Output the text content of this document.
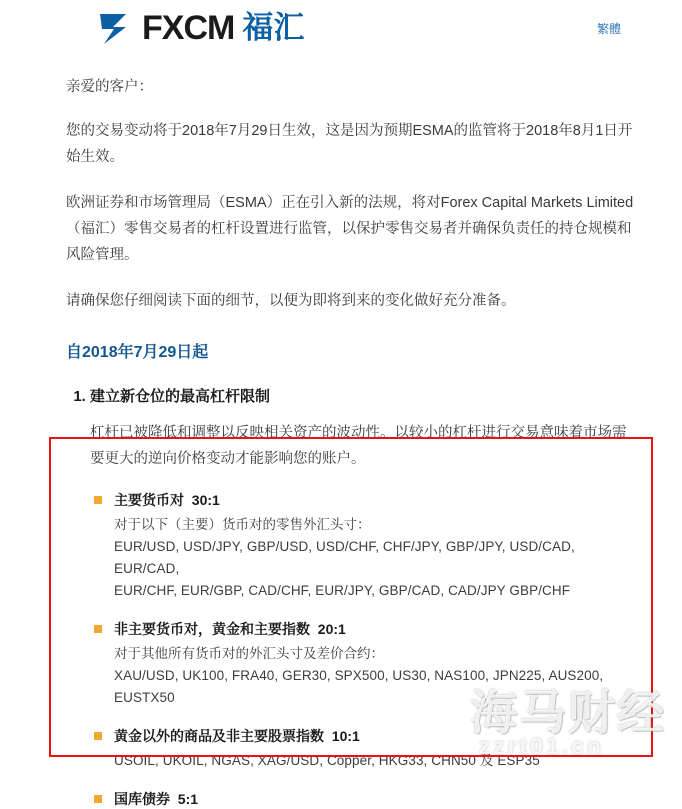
FXCM 福汇	繁體

亲爱的客户：

您的交易变动将于2018年7月29日生效，这是因为预期ESMA的监管将于2018年8月1日开始生效。

欧洲证券和市场管理局（ESMA）正在引入新的法规，将对Forex Capital Markets Limited（福汇）零售交易者的杠杆设置进行监管，以保护零售交易者并确保负责任的持仓规模和风险管理。

请确保您仔细阅读下面的细节，以便为即将到来的变化做好充分准备。

自2018年7月29日起
1. 建立新仓位的最高杠杆限制

杠杆已被降低和调整以反映相关资产的波动性。以较小的杠杆进行交易意味着市场需要更大的逆向价格变动才能影响您的账户。

主要货币对 30:1
对于以下（主要）货币对的零售外汇头寸：
EUR/USD, USD/JPY, GBP/USD, USD/CHF, CHF/JPY, GBP/JPY, USD/CAD, EUR/CAD,
EUR/CHF, EUR/GBP, CAD/CHF, EUR/JPY, GBP/CAD, CAD/JPY GBP/CHF
非主要货币对，黄金和主要指数 20:1
对于其他所有货币对的外汇头寸及差价合约：
XAU/USD, UK100, FRA40, GER30, SPX500, US30, NAS100, JPN225, AUS200,
EUSTX50
黄金以外的商品及非主要股票指数 10:1
USOIL, UKOIL, NGAS, XAG/USD, Copper, HKG33, CHN50 及 ESP35
国库债券 5:1
海马财经
zzrt01.cn
